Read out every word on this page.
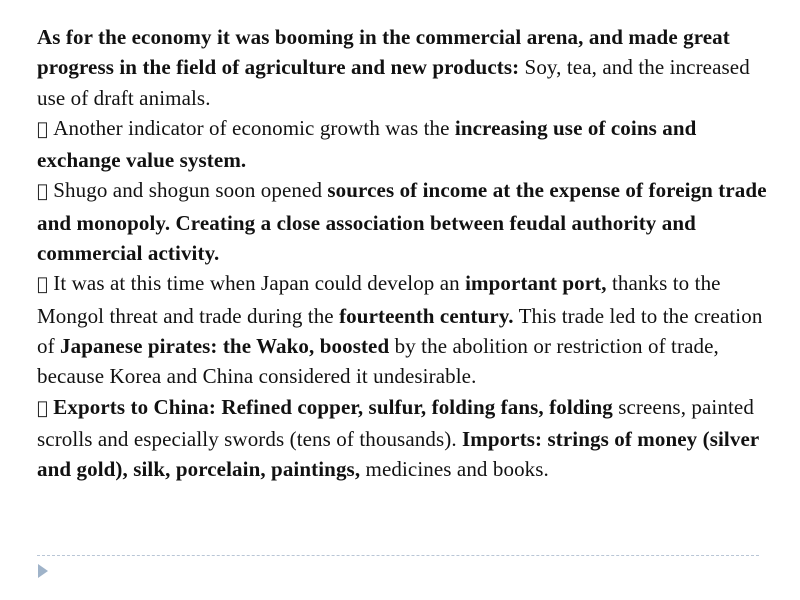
As for the economy it was booming in the commercial arena, and made great progress in the field of agriculture and new products: Soy, tea, and the increased use of draft animals.

Another indicator of economic growth was the increasing use of coins and exchange value system.

Shugo and shogun soon opened sources of income at the expense of foreign trade and monopoly. Creating a close association between feudal authority and commercial activity.

It was at this time when Japan could develop an important port, thanks to the Mongol threat and trade during the fourteenth century. This trade led to the creation of Japanese pirates: the Wako, boosted by the abolition or restriction of trade, because Korea and China considered it undesirable.

Exports to China: Refined copper, sulfur, folding fans, folding screens, painted scrolls and especially swords (tens of thousands). Imports: strings of money (silver and gold), silk, porcelain, paintings, medicines and books.
